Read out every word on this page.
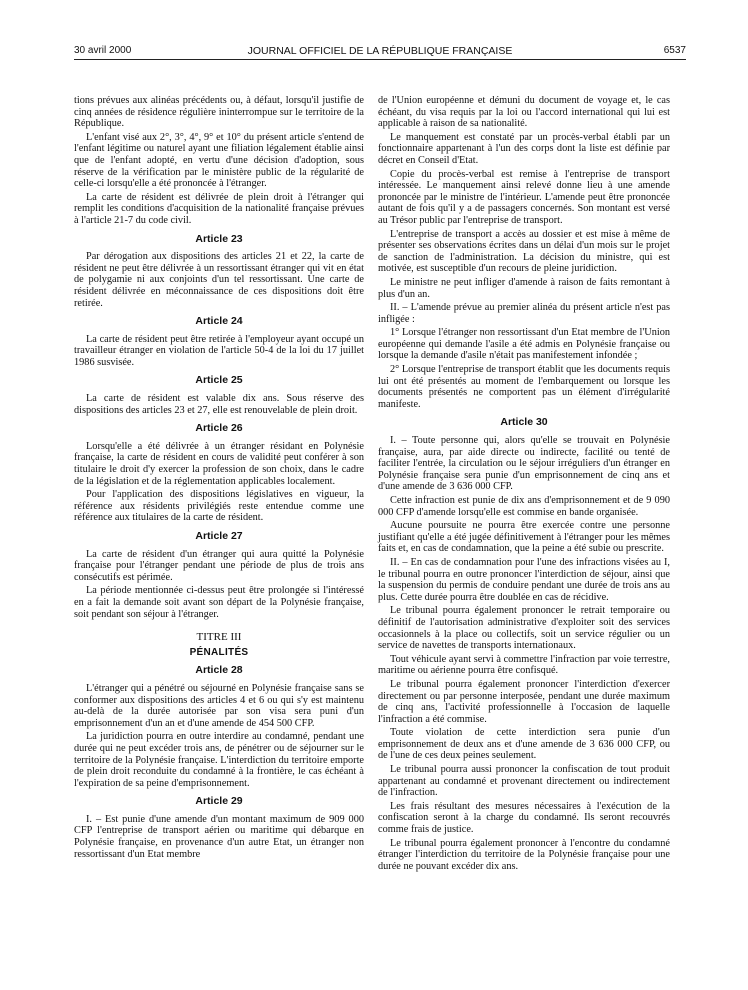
30 avril 2000	JOURNAL OFFICIEL DE LA RÉPUBLIQUE FRANÇAISE	6537

tions prévues aux alinéas précédents ou, à défaut, lorsqu'il justifie de cinq années de résidence régulière ininterrompue sur le territoire de la République.

L'enfant visé aux 2°, 3°, 4°, 9° et 10° du présent article s'entend de l'enfant légitime ou naturel ayant une filiation légalement établie ainsi que de l'enfant adopté, en vertu d'une décision d'adoption, sous réserve de la vérification par le ministère public de la régularité de celle-ci lorsqu'elle a été prononcée à l'étranger.

La carte de résident est délivrée de plein droit à l'étranger qui remplit les conditions d'acquisition de la nationalité française prévues à l'article 21-7 du code civil.

Article 23

Par dérogation aux dispositions des articles 21 et 22, la carte de résident ne peut être délivrée à un ressortissant étranger qui vit en état de polygamie ni aux conjoints d'un tel ressortissant. Une carte de résident délivrée en méconnaissance de ces dispositions doit être retirée.

Article 24

La carte de résident peut être retirée à l'employeur ayant occupé un travailleur étranger en violation de l'article 50-4 de la loi du 17 juillet 1986 susvisée.

Article 25

La carte de résident est valable dix ans. Sous réserve des dispositions des articles 23 et 27, elle est renouvelable de plein droit.

Article 26

Lorsqu'elle a été délivrée à un étranger résidant en Polynésie française, la carte de résident en cours de validité peut conférer à son titulaire le droit d'y exercer la profession de son choix, dans le cadre de la législation et de la réglementation applicables localement.

Pour l'application des dispositions législatives en vigueur, la référence aux résidents privilégiés reste entendue comme une référence aux titulaires de la carte de résident.

Article 27

La carte de résident d'un étranger qui aura quitté la Polynésie française pour l'étranger pendant une période de plus de trois ans consécutifs est périmée.

La période mentionnée ci-dessus peut être prolongée si l'intéressé en a fait la demande soit avant son départ de la Polynésie française, soit pendant son séjour à l'étranger.

TITRE III
PÉNALITÉS
Article 28

L'étranger qui a pénétré ou séjourné en Polynésie française sans se conformer aux dispositions des articles 4 et 6 ou qui s'y est maintenu au-delà de la durée autorisée par son visa sera puni d'un emprisonnement d'un an et d'une amende de 454 500 CFP.

La juridiction pourra en outre interdire au condamné, pendant une durée qui ne peut excéder trois ans, de pénétrer ou de séjourner sur le territoire de la Polynésie française. L'interdiction du territoire emporte de plein droit reconduite du condamné à la frontière, le cas échéant à l'expiration de sa peine d'emprisonnement.

Article 29

I. – Est punie d'une amende d'un montant maximum de 909 000 CFP l'entreprise de transport aérien ou maritime qui débarque en Polynésie française, en provenance d'un autre Etat, un étranger non ressortissant d'un Etat membre

de l'Union européenne et démuni du document de voyage et, le cas échéant, du visa requis par la loi ou l'accord international qui lui est applicable à raison de sa nationalité.

Le manquement est constaté par un procès-verbal établi par un fonctionnaire appartenant à l'un des corps dont la liste est définie par décret en Conseil d'Etat.

Copie du procès-verbal est remise à l'entreprise de transport intéressée. Le manquement ainsi relevé donne lieu à une amende prononcée par le ministre de l'intérieur. L'amende peut être prononcée autant de fois qu'il y a de passagers concernés. Son montant est versé au Trésor public par l'entreprise de transport.

L'entreprise de transport a accès au dossier et est mise à même de présenter ses observations écrites dans un délai d'un mois sur le projet de sanction de l'administration. La décision du ministre, qui est motivée, est susceptible d'un recours de pleine juridiction.

Le ministre ne peut infliger d'amende à raison de faits remontant à plus d'un an.

II. – L'amende prévue au premier alinéa du présent article n'est pas infligée :

1° Lorsque l'étranger non ressortissant d'un Etat membre de l'Union européenne qui demande l'asile a été admis en Polynésie française ou lorsque la demande d'asile n'était pas manifestement infondée ;

2° Lorsque l'entreprise de transport établit que les documents requis lui ont été présentés au moment de l'embarquement ou lorsque les documents présentés ne comportent pas un élément d'irrégularité manifeste.

Article 30

I. – Toute personne qui, alors qu'elle se trouvait en Polynésie française, aura, par aide directe ou indirecte, facilité ou tenté de faciliter l'entrée, la circulation ou le séjour irréguliers d'un étranger en Polynésie française sera punie d'un emprisonnement de cinq ans et d'une amende de 3 636 000 CFP.

Cette infraction est punie de dix ans d'emprisonnement et de 9 090 000 CFP d'amende lorsqu'elle est commise en bande organisée.

Aucune poursuite ne pourra être exercée contre une personne justifiant qu'elle a été jugée définitivement à l'étranger pour les mêmes faits et, en cas de condamnation, que la peine a été subie ou prescrite.

II. – En cas de condamnation pour l'une des infractions visées au I, le tribunal pourra en outre prononcer l'interdiction de séjour, ainsi que la suspension du permis de conduire pendant une durée de trois ans au plus. Cette durée pourra être doublée en cas de récidive.

Le tribunal pourra également prononcer le retrait temporaire ou définitif de l'autorisation administrative d'exploiter soit des services occasionnels à la place ou collectifs, soit un service régulier ou un service de navettes de transports internationaux.

Tout véhicule ayant servi à commettre l'infraction par voie terrestre, maritime ou aérienne pourra être confisqué.

Le tribunal pourra également prononcer l'interdiction d'exercer directement ou par personne interposée, pendant une durée maximum de cinq ans, l'activité professionnelle à l'occasion de laquelle l'infraction a été commise.

Toute violation de cette interdiction sera punie d'un emprisonnement de deux ans et d'une amende de 3 636 000 CFP, ou de l'une de ces deux peines seulement.

Le tribunal pourra aussi prononcer la confiscation de tout produit appartenant au condamné et provenant directement ou indirectement de l'infraction.

Les frais résultant des mesures nécessaires à l'exécution de la confiscation seront à la charge du condamné. Ils seront recouvrés comme frais de justice.

Le tribunal pourra également prononcer à l'encontre du condamné étranger l'interdiction du territoire de la Polynésie française pour une durée ne pouvant excéder dix ans.
